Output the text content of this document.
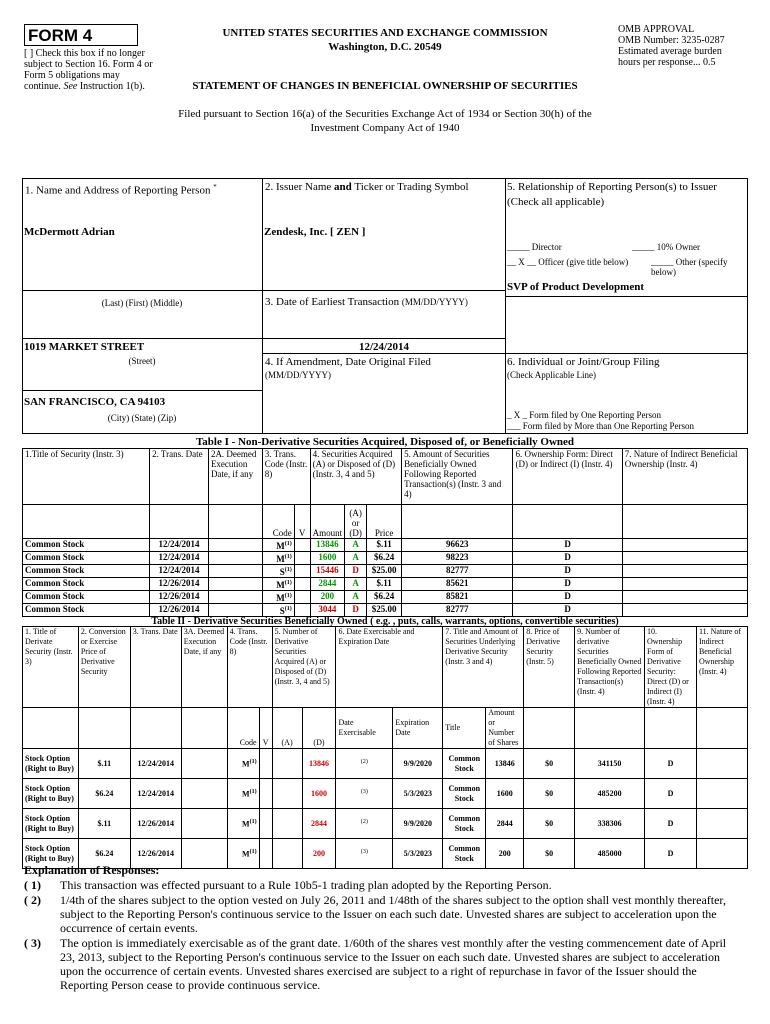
FORM 4
[ ] Check this box if no longer subject to Section 16. Form 4 or Form 5 obligations may continue. See Instruction 1(b).
UNITED STATES SECURITIES AND EXCHANGE COMMISSION
Washington, D.C. 20549
OMB APPROVAL
OMB Number: 3235-0287
Estimated average burden
hours per response... 0.5
STATEMENT OF CHANGES IN BENEFICIAL OWNERSHIP OF SECURITIES
Filed pursuant to Section 16(a) of the Securities Exchange Act of 1934 or Section 30(h) of the
Investment Company Act of 1940
1. Name and Address of Reporting Person *
McDermott Adrian
(Last) (First) (Middle)
1019 MARKET STREET
(Street)
SAN FRANCISCO, CA 94103
(City) (State) (Zip)
2. Issuer Name and Ticker or Trading Symbol
Zendesk, Inc. [ ZEN ]
3. Date of Earliest Transaction (MM/DD/YYYY)
12/24/2014
4. If Amendment, Date Original Filed
(MM/DD/YYYY)
5. Relationship of Reporting Person(s) to Issuer
(Check all applicable)
_____ Director	_____ 10% Owner
__ X __ Officer (give title below)	_____ Other (specify below)
SVP of Product Development
6. Individual or Joint/Group Filing
(Check Applicable Line)
_ X _ Form filed by One Reporting Person
___ Form filed by More than One Reporting Person
Table I - Non-Derivative Securities Acquired, Disposed of, or Beneficially Owned
1.Title of Security (Instr. 3)	2. Trans. Date	2A. Deemed Execution Date, if any	3. Trans. Code (Instr. 8)		4. Securities Acquired (A) or Disposed of (D) (Instr. 3, 4 and 5)			5. Amount of Securities Beneficially Owned Following Reported Transaction(s) (Instr. 3 and 4)	6. Ownership Form: Direct (D) or Indirect (I) (Instr. 4)	7. Nature of Indirect Beneficial Ownership (Instr. 4)
			Code	V	Amount	(A) or (D)	Price			
Common Stock	12/24/2014		$M^{(1)}$		13846	A	$.11	96623	D	
Common Stock	12/24/2014		$M^{(1)}$		1600	A	$6.24	98223	D	
Common Stock	12/24/2014		$S^{(1)}$		15446	D	$25.00	82777	D	
Common Stock	12/26/2014		$M^{(1)}$		2844	A	$.11	85621	D	
Common Stock	12/26/2014		$M^{(1)}$		200	A	$6.24	85821	D	
Common Stock	12/26/2014		$S^{(1)}$		3044	D	$25.00	82777	D	
Table II - Derivative Securities Beneficially Owned ( e.g. , puts, calls, warrants, options, convertible securities)
1. Title of Derivate Security (Instr. 3)	2. Conversion or Exercise Price of Derivative Security	3. Trans. Date	3A. Deemed Execution Date, if any	4. Trans. Code (Instr. 8)		5. Number of Derivative Securities Acquired (A) or Disposed of (D) (Instr. 3, 4 and 5)		6. Date Exercisable and Expiration Date		7. Title and Amount of Securities Underlying Derivative Security (Instr. 3 and 4)		8. Price of Derivative Security (Instr. 5)	9. Number of derivative Securities Beneficially Owned Following Reported Transaction(s) (Instr. 4)	10. Ownership Form of Derivative Security: Direct (D) or Indirect (I) (Instr. 4)	11. Nature of Indirect Beneficial Ownership (Instr. 4)
				Code	V	(A)	(D)	Date Exercisable	Expiration Date	Title	Amount or Number of Shares				
Stock Option (Right to Buy)	$.11	12/24/2014		$M^{(1)}$			13846	$^{(2)}$	9/9/2020	Common Stock	13846	$0	341150	D	
Stock Option (Right to Buy)	$6.24	12/24/2014		$M^{(1)}$			1600	$^{(3)}$	5/3/2023	Common Stock	1600	$0	485200	D	
Stock Option (Right to Buy)	$.11	12/26/2014		$M^{(1)}$			2844	$^{(2)}$	9/9/2020	Common Stock	2844	$0	338306	D	
Stock Option (Right to Buy)	$6.24	12/26/2014		$M^{(1)}$			200	$^{(3)}$	5/3/2023	Common Stock	200	$0	485000	D	
Explanation of Responses:
( 1)	This transaction was effected pursuant to a Rule 10b5-1 trading plan adopted by the Reporting Person.
( 2)	1/4th of the shares subject to the option vested on July 26, 2011 and 1/48th of the shares subject to the option shall vest monthly thereafter, subject to the Reporting Person's continuous service to the Issuer on each such date. Unvested shares are subject to acceleration upon the occurrence of certain events.
( 3)	The option is immediately exercisable as of the grant date. 1/60th of the shares vest monthly after the vesting commencement date of April 23, 2013, subject to the Reporting Person's continuous service to the Issuer on each such date. Unvested shares are subject to acceleration upon the occurrence of certain events. Unvested shares exercised are subject to a right of repurchase in favor of the Issuer should the Reporting Person cease to provide continuous service.
